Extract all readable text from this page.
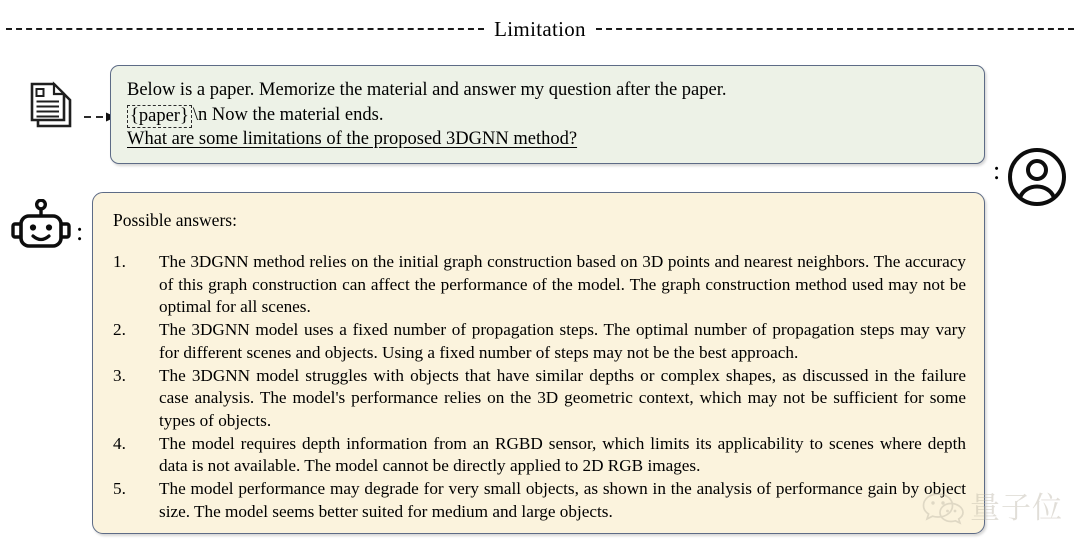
Limitation
Below is a paper. Memorize the material and answer my question after the paper.
{paper} \n Now the material ends.
What are some limitations of the proposed 3DGNN method?
:
: Possible answers:
1.	The 3DGNN method relies on the initial graph construction based on 3D points and nearest neighbors. The accuracy of this graph construction can affect the performance of the model. The graph construction method used may not be optimal for all scenes.
2.	The 3DGNN model uses a fixed number of propagation steps. The optimal number of propagation steps may vary for different scenes and objects. Using a fixed number of steps may not be the best approach.
3.	The 3DGNN model struggles with objects that have similar depths or complex shapes, as discussed in the failure case analysis. The model's performance relies on the 3D geometric context, which may not be sufficient for some types of objects.
4.	The model requires depth information from an RGBD sensor, which limits its applicability to scenes where depth data is not available. The model cannot be directly applied to 2D RGB images.
5.	The model performance may degrade for very small objects, as shown in the analysis of performance gain by object size. The model seems better suited for medium and large objects.	量子位
